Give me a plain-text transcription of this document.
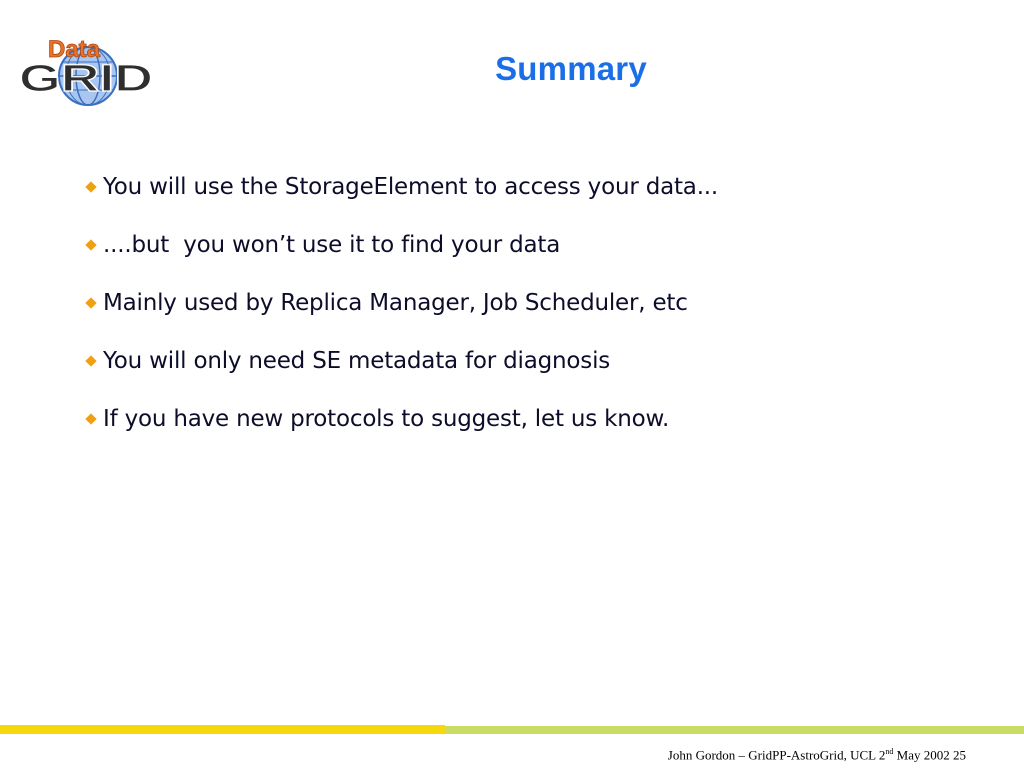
Data
GRID	Summary
You will use the StorageElement to access your data...
....but  you won’t use it to find your data
Mainly used by Replica Manager, Job Scheduler, etc
You will only need SE metadata for diagnosis
If you have new protocols to suggest, let us know.
John Gordon – GridPP-AstroGrid, UCL 2nd May 2002 25
